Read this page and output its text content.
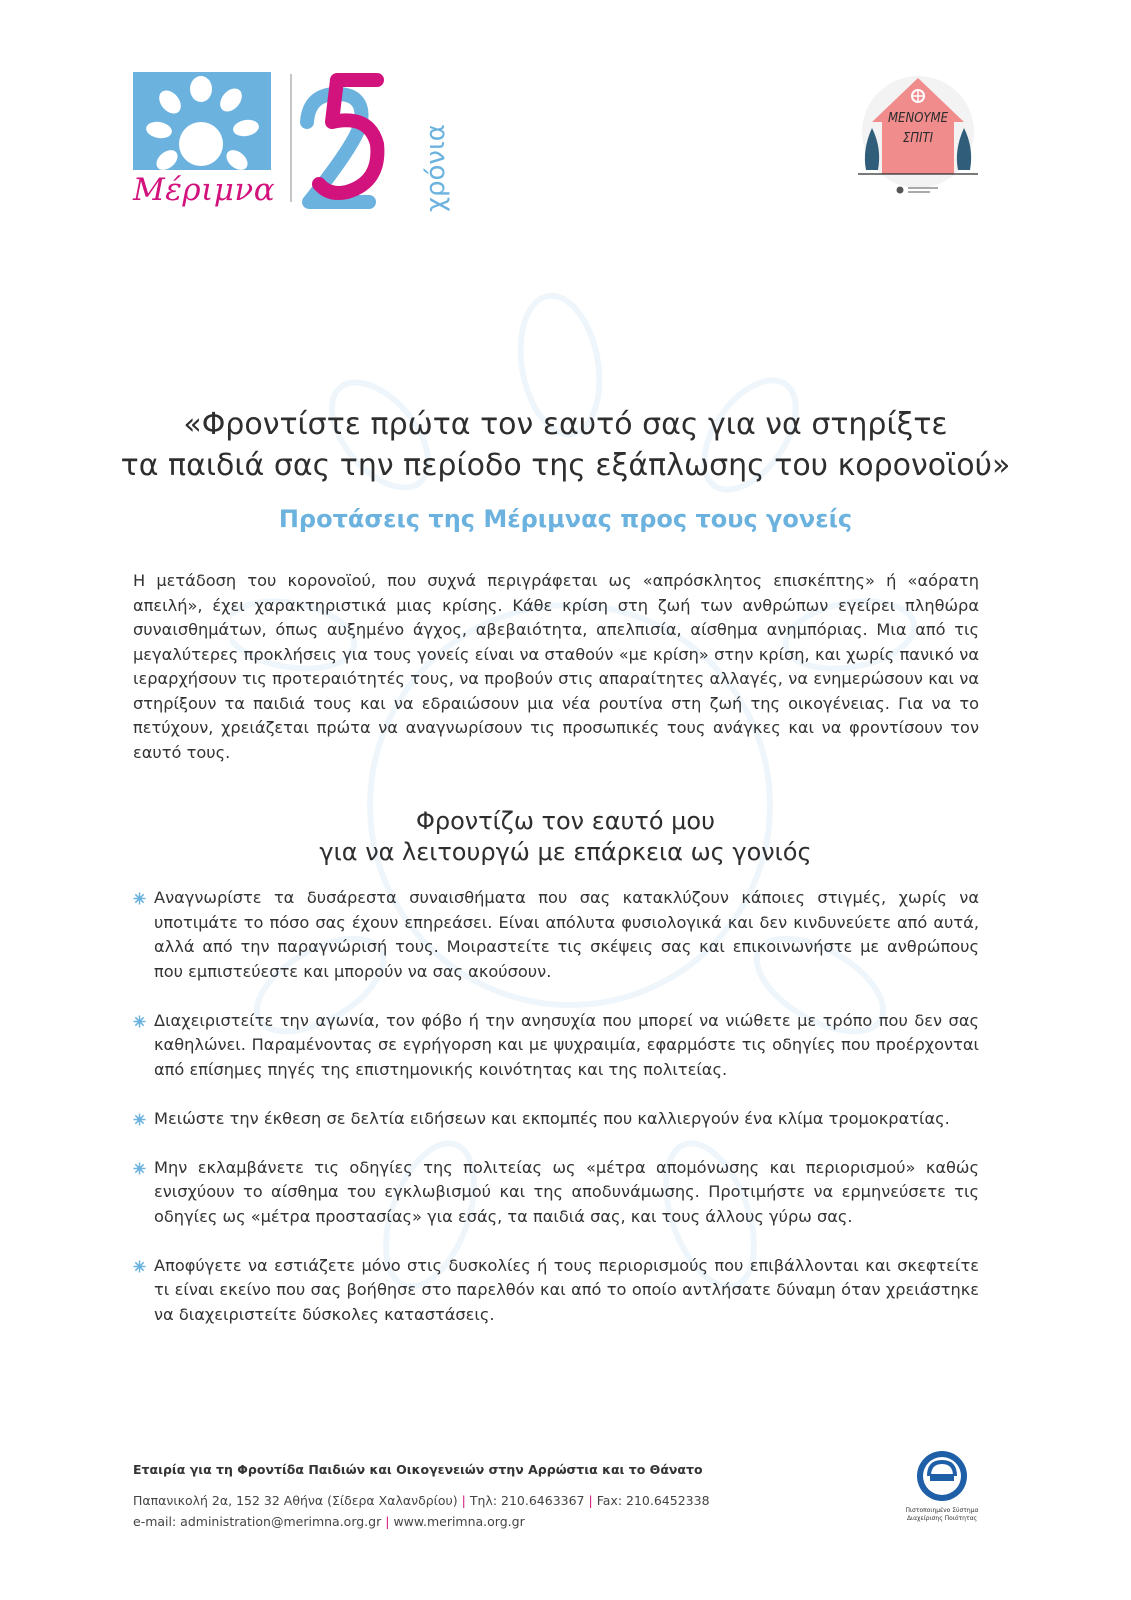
Μέριμνα	χρόνια
ΜΕΝΟΥΜΕ
ΣΠΙΤΙ
«Φροντίστε πρώτα τον εαυτό σας για να στηρίξτε
τα παιδιά σας την περίοδο της εξάπλωσης του κορονοϊού»
Προτάσεις της Μέριμνας προς τους γονείς

Η μετάδοση του κορονοϊού, που συχνά περιγράφεται ως «απρόσκλητος επισκέπτης» ή «αόρατη απειλή», έχει χαρακτηριστικά μιας κρίσης. Κάθε κρίση στη ζωή των ανθρώπων εγείρει πληθώρα συναισθημάτων, όπως αυξημένο άγχος, αβεβαιότητα, απελπισία, αίσθημα ανημπόριας. Μια από τις μεγαλύτερες προκλήσεις για τους γονείς είναι να σταθούν «με κρίση» στην κρίση, και χωρίς πανικό να ιεραρχήσουν τις προτεραιότητές τους, να προβούν στις απαραίτητες αλλαγές, να ενημερώσουν και να στηρίξουν τα παιδιά τους και να εδραιώσουν μια νέα ρουτίνα στη ζωή της οικογένειας. Για να το πετύχουν, χρειάζεται πρώτα να αναγνωρίσουν τις προσωπικές τους ανάγκες και να φροντίσουν τον εαυτό τους.

Φροντίζω τον εαυτό μου
για να λειτουργώ με επάρκεια ως γονιός
Αναγνωρίστε τα δυσάρεστα συναισθήματα που σας κατακλύζουν κάποιες στιγμές, χωρίς να υποτιμάτε το πόσο σας έχουν επηρεάσει. Είναι απόλυτα φυσιολογικά και δεν κινδυνεύετε από αυτά, αλλά από την παραγνώρισή τους. Μοιραστείτε τις σκέψεις σας και επικοινωνήστε με ανθρώπους που εμπιστεύεστε και μπορούν να σας ακούσουν.
Διαχειριστείτε την αγωνία, τον φόβο ή την ανησυχία που μπορεί να νιώθετε με τρόπο που δεν σας καθηλώνει. Παραμένοντας σε εγρήγορση και με ψυχραιμία, εφαρμόστε τις οδηγίες που προέρχονται από επίσημες πηγές της επιστημονικής κοινότητας και της πολιτείας.
Μειώστε την έκθεση σε δελτία ειδήσεων και εκπομπές που καλλιεργούν ένα κλίμα τρομοκρατίας.
Μην εκλαμβάνετε τις οδηγίες της πολιτείας ως «μέτρα απομόνωσης και περιορισμού» καθώς ενισχύουν το αίσθημα του εγκλωβισμού και της αποδυνάμωσης. Προτιμήστε να ερμηνεύσετε τις οδηγίες ως «μέτρα προστασίας» για εσάς, τα παιδιά σας, και τους άλλους γύρω σας.
Αποφύγετε να εστιάζετε μόνο στις δυσκολίες ή τους περιορισμούς που επιβάλλονται και σκεφτείτε τι είναι εκείνο που σας βοήθησε στο παρελθόν και από το οποίο αντλήσατε δύναμη όταν χρειάστηκε να διαχειριστείτε δύσκολες καταστάσεις.
Εταιρία για τη Φροντίδα Παιδιών και Οικογενειών στην Αρρώστια και το Θάνατο
Παπανικολή 2α, 152 32 Αθήνα (Σίδερα Χαλανδρίου) | Τηλ: 210.6463367 | Fax: 210.6452338
e-mail: administration@merimna.org.gr | www.merimna.org.gr
Πιστοποιημένο Σύστημα
Διαχείρισης Ποιότητας
